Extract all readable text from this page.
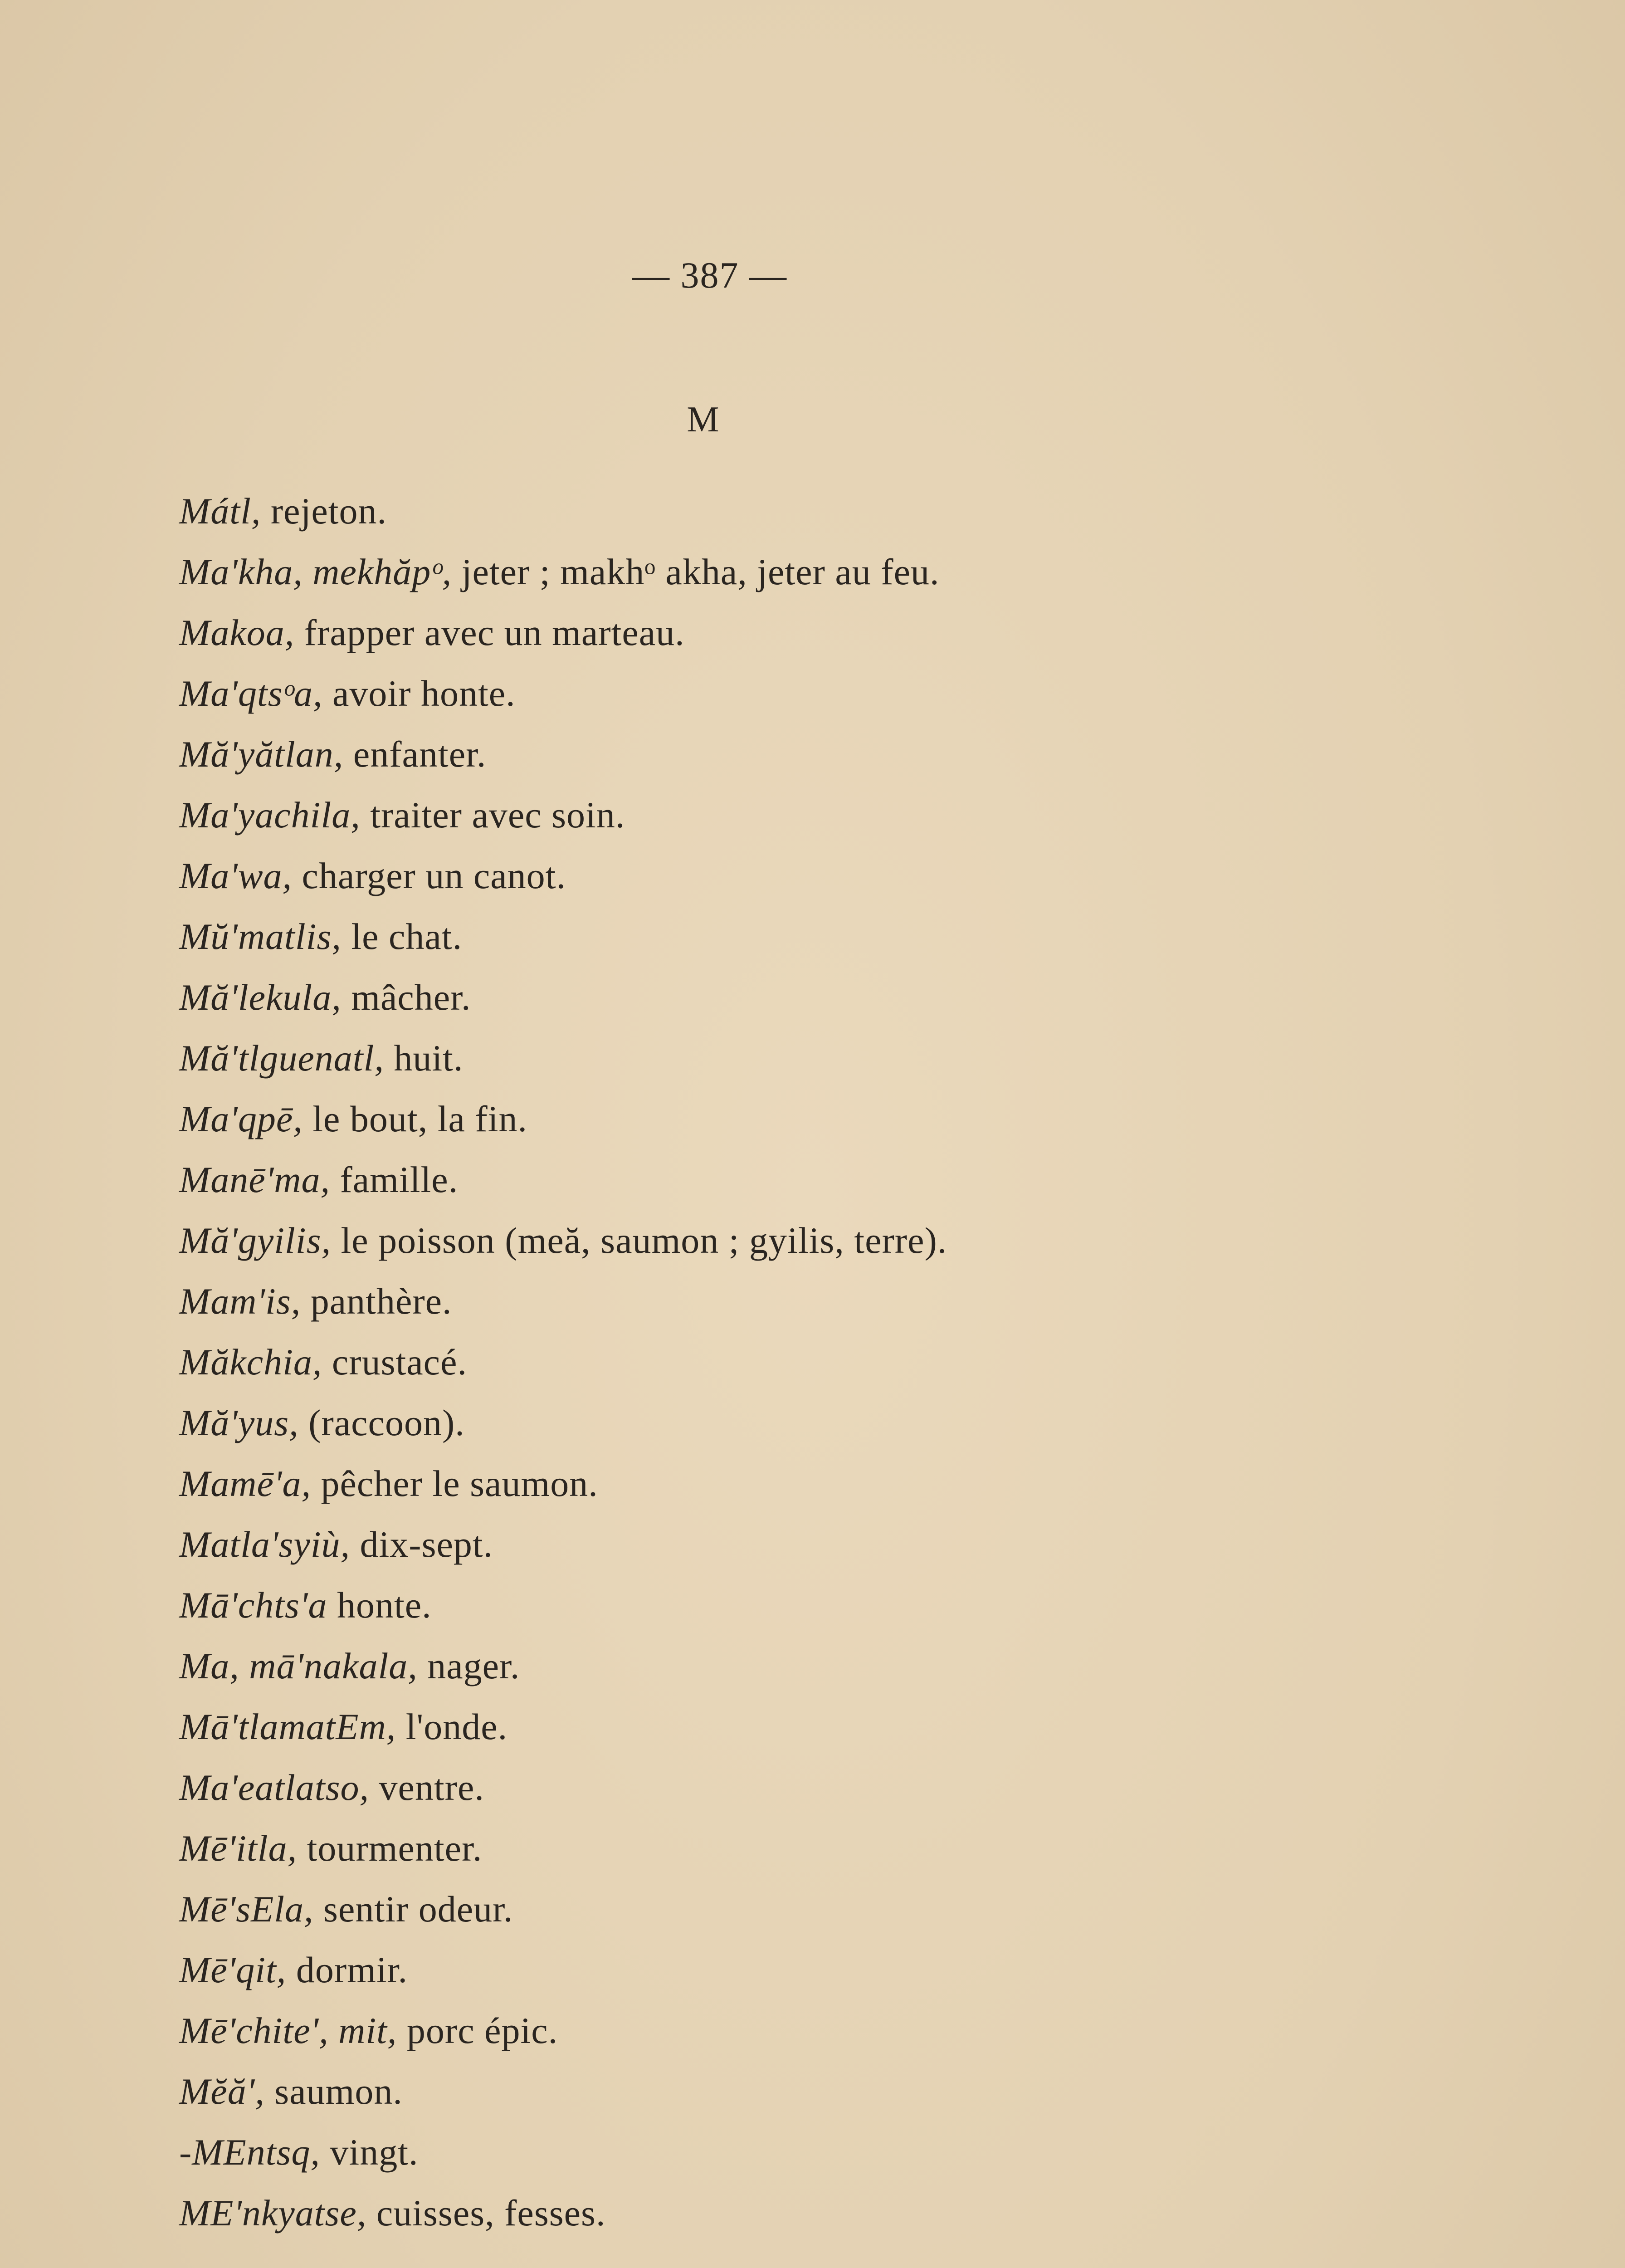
— 387 —
M
Mátl, rejeton.
Ma'kha, mekhăpᵒ, jeter ; makhᵒ akha, jeter au feu.
Makoa, frapper avec un marteau.
Ma'qtsᵒa, avoir honte.
Mă'yătlan, enfanter.
Ma'yachila, traiter avec soin.
Ma'wa, charger un canot.
Mŭ'matlis, le chat.
Mă'lekula, mâcher.
Mă'tlguenatl, huit.
Ma'qpē, le bout, la fin.
Manē'ma, famille.
Mă'gyilis, le poisson (meă, saumon ; gyilis, terre).
Mam'is, panthère.
Măkchia, crustacé.
Mă'yus, (raccoon).
Mamē'a, pêcher le saumon.
Matla'syiù, dix-sept.
Mā'chts'a honte.
Ma, mā'nakala, nager.
Mā'tlamatEm, l'onde.
Ma'eatlatso, ventre.
Mē'itla, tourmenter.
Mē'sEla, sentir odeur.
Mē'qit, dormir.
Mē'chite', mit, porc épic.
Mĕă', saumon.
-MEntsq, vingt.
ME'nkyatse, cuisses, fesses.
